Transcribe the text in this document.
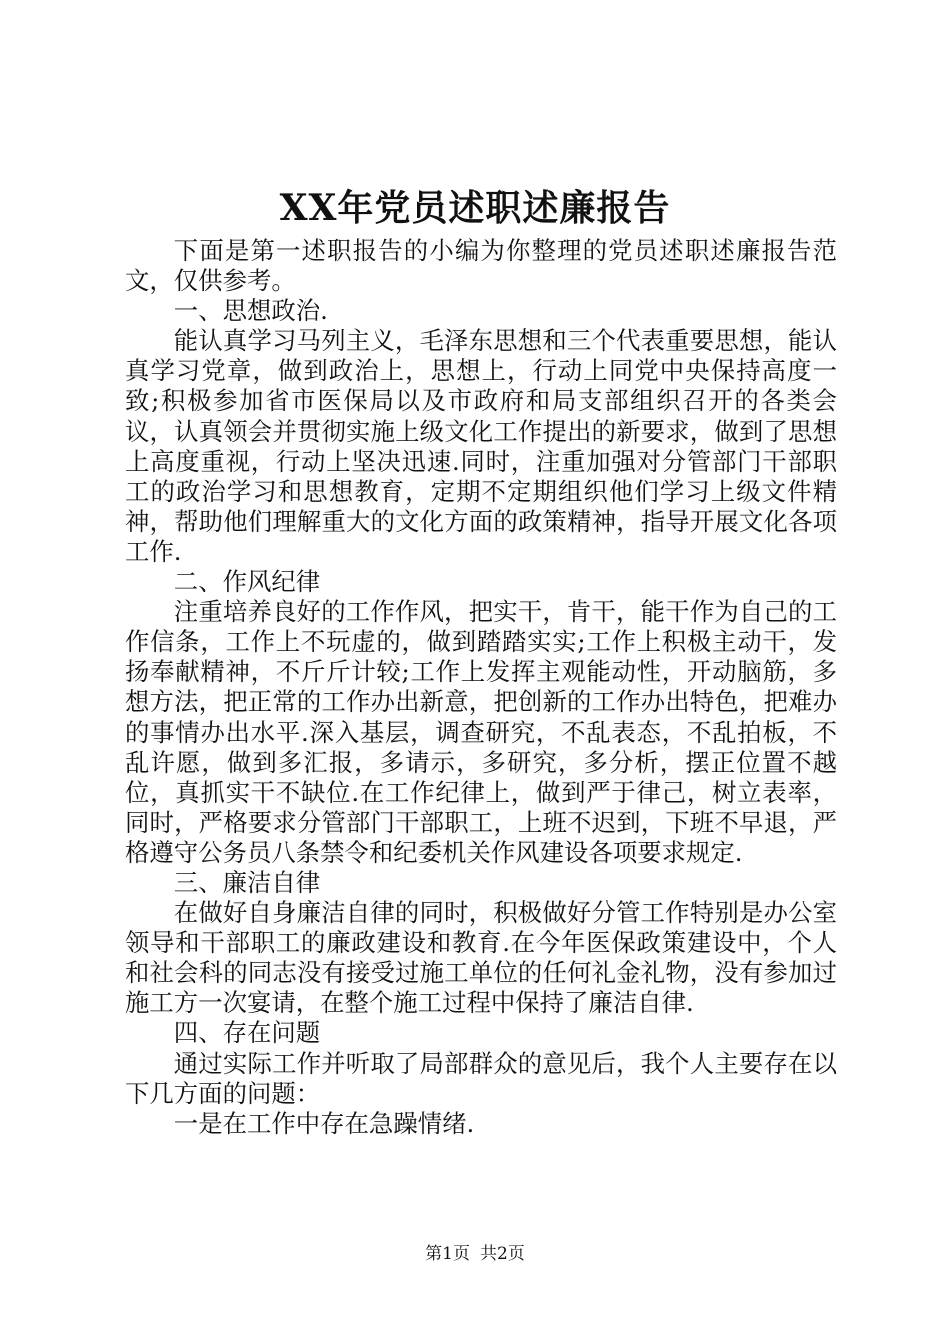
XX年党员述职述廉报告

下面是第一述职报告的小编为你整理的党员述职述廉报告范文，仅供参考。

一、思想政治.

能认真学习马列主义，毛泽东思想和三个代表重要思想，能认真学习党章，做到政治上，思想上，行动上同党中央保持高度一致;积极参加省市医保局以及市政府和局支部组织召开的各类会议，认真领会并贯彻实施上级文化工作提出的新要求，做到了思想上高度重视，行动上坚决迅速.同时，注重加强对分管部门干部职工的政治学习和思想教育，定期不定期组织他们学习上级文件精神，帮助他们理解重大的文化方面的政策精神，指导开展文化各项工作.

二、作风纪律

注重培养良好的工作作风，把实干，肯干，能干作为自己的工作信条，工作上不玩虚的，做到踏踏实实;工作上积极主动干，发扬奉献精神，不斤斤计较;工作上发挥主观能动性，开动脑筋，多想方法，把正常的工作办出新意，把创新的工作办出特色，把难办的事情办出水平.深入基层，调查研究，不乱表态，不乱拍板，不乱许愿，做到多汇报，多请示，多研究，多分析，摆正位置不越位，真抓实干不缺位.在工作纪律上，做到严于律己，树立表率，同时，严格要求分管部门干部职工，上班不迟到，下班不早退，严格遵守公务员八条禁令和纪委机关作风建设各项要求规定.

三、廉洁自律

在做好自身廉洁自律的同时，积极做好分管工作特别是办公室领导和干部职工的廉政建设和教育.在今年医保政策建设中，个人和社会科的同志没有接受过施工单位的任何礼金礼物，没有参加过施工方一次宴请，在整个施工过程中保持了廉洁自律.

四、存在问题

通过实际工作并听取了局部群众的意见后，我个人主要存在以下几方面的问题：

一是在工作中存在急躁情绪.

第1页 共2页
